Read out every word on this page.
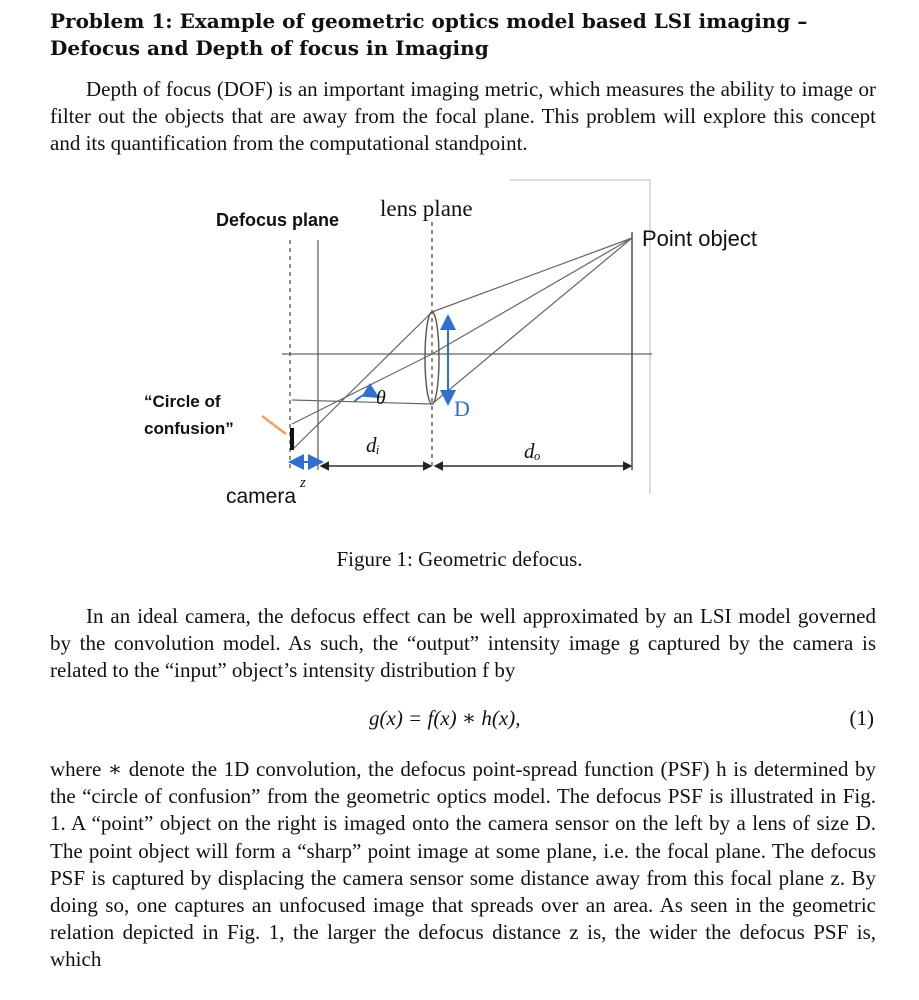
Problem 1: Example of geometric optics model based LSI imaging – Defocus and Depth of focus in Imaging

Depth of focus (DOF) is an important imaging metric, which measures the ability to image or filter out the objects that are away from the focal plane. This problem will explore this concept and its quantification from the computational standpoint.

Defocus plane lens plane
Point object
“Circle of
confusion”
camera
θ	D
dᵢ	dₒ
z

Figure 1: Geometric defocus.

In an ideal camera, the defocus effect can be well approximated by an LSI model governed by the convolution model. As such, the “output” intensity image g captured by the camera is related to the “input” object’s intensity distribution f by

g(x) = f(x) ∗ h(x),	(1)

where ∗ denote the 1D convolution, the defocus point-spread function (PSF) h is determined by the “circle of confusion” from the geometric optics model. The defocus PSF is illustrated in Fig. 1. A “point” object on the right is imaged onto the camera sensor on the left by a lens of size D. The point object will form a “sharp” point image at some plane, i.e. the focal plane. The defocus PSF is captured by displacing the camera sensor some distance away from this focal plane z. By doing so, one captures an unfocused image that spreads over an area. As seen in the geometric relation depicted in Fig. 1, the larger the defocus distance z is, the wider the defocus PSF is, which
